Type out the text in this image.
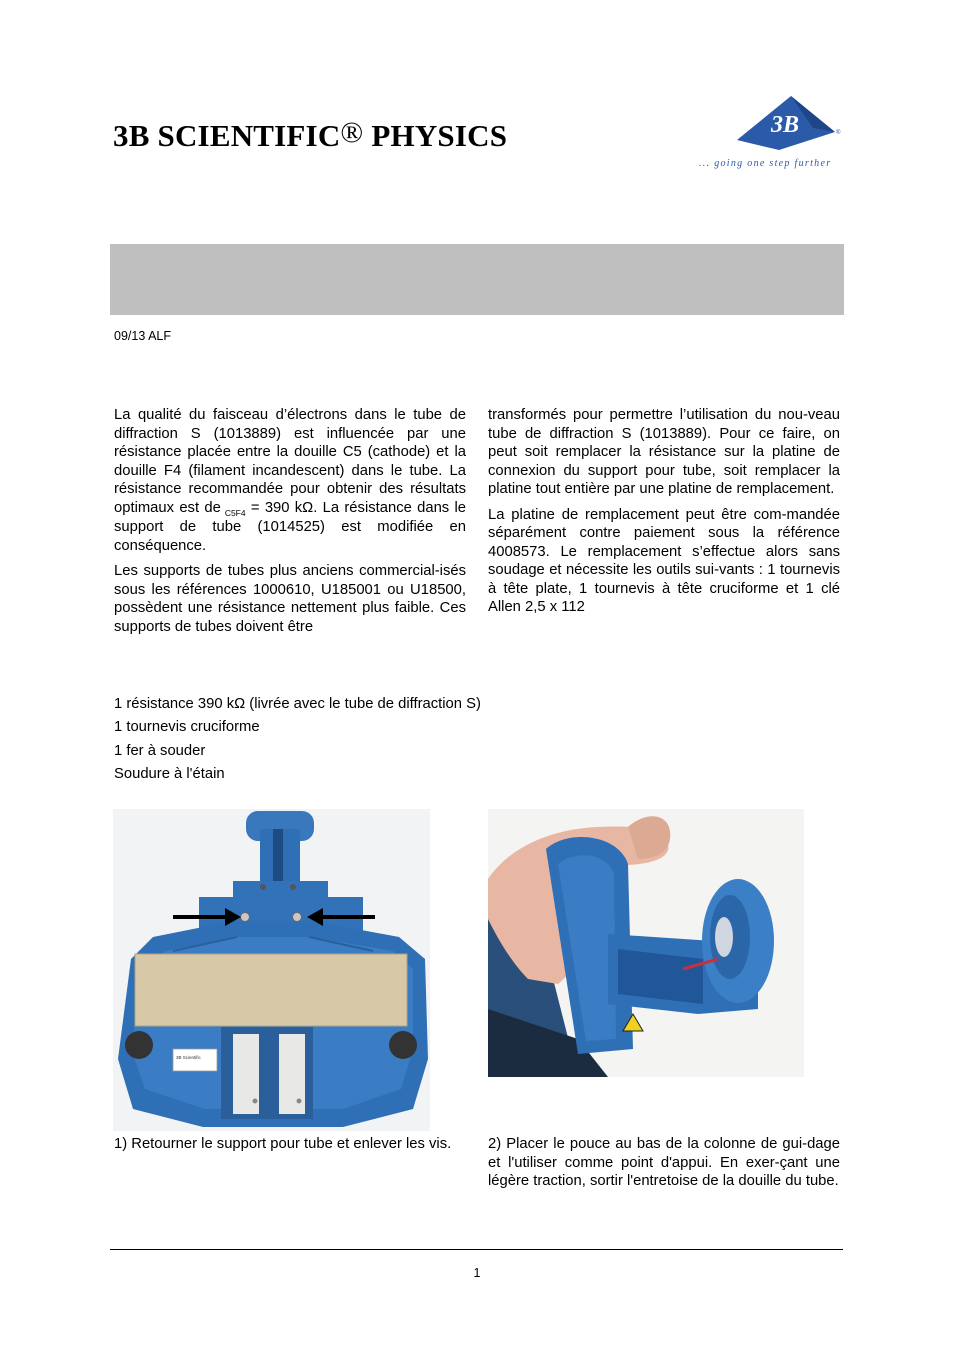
3B SCIENTIFIC® PHYSICS	3B	®
... going one step further
09/13 ALF

La qualité du faisceau d’électrons dans le tube de diffraction S (1013889) est influencée par une résistance placée entre la douille C5 (cathode) et la douille F4 (filament incandescent) dans le tube. La résistance recommandée pour obtenir des résultats optimaux est de $_{C5F4}$ = 390 kΩ. La résistance dans le support de tube (1014525) est modifiée en conséquence.

Les supports de tubes plus anciens commercial-isés sous les références 1000610, U185001 ou U18500, possèdent une résistance nettement plus faible. Ces supports de tubes doivent être

transformés pour permettre l’utilisation du nou-veau tube de diffraction S (1013889). Pour ce faire, on peut soit remplacer la résistance sur la platine de connexion du support pour tube, soit remplacer la platine tout entière par une platine de remplacement.

La platine de remplacement peut être com-mandée séparément contre paiement sous la référence 4008573. Le remplacement s’effectue alors sans soudage et nécessite les outils sui-vants : 1 tournevis à tête plate, 1 tournevis à tête cruciforme et 1 clé Allen 2,5 x 112

1 résistance 390 kΩ (livrée avec le tube de diffraction S)
1 tournevis cruciforme
1 fer à souder
Soudure à l'étain
3B Scientific
1) Retourner le support pour tube et enlever les vis.	2) Placer le pouce au bas de la colonne de gui-dage et l'utiliser comme point d'appui. En exer-çant une légère traction, sortir l'entretoise de la douille du tube.
1
